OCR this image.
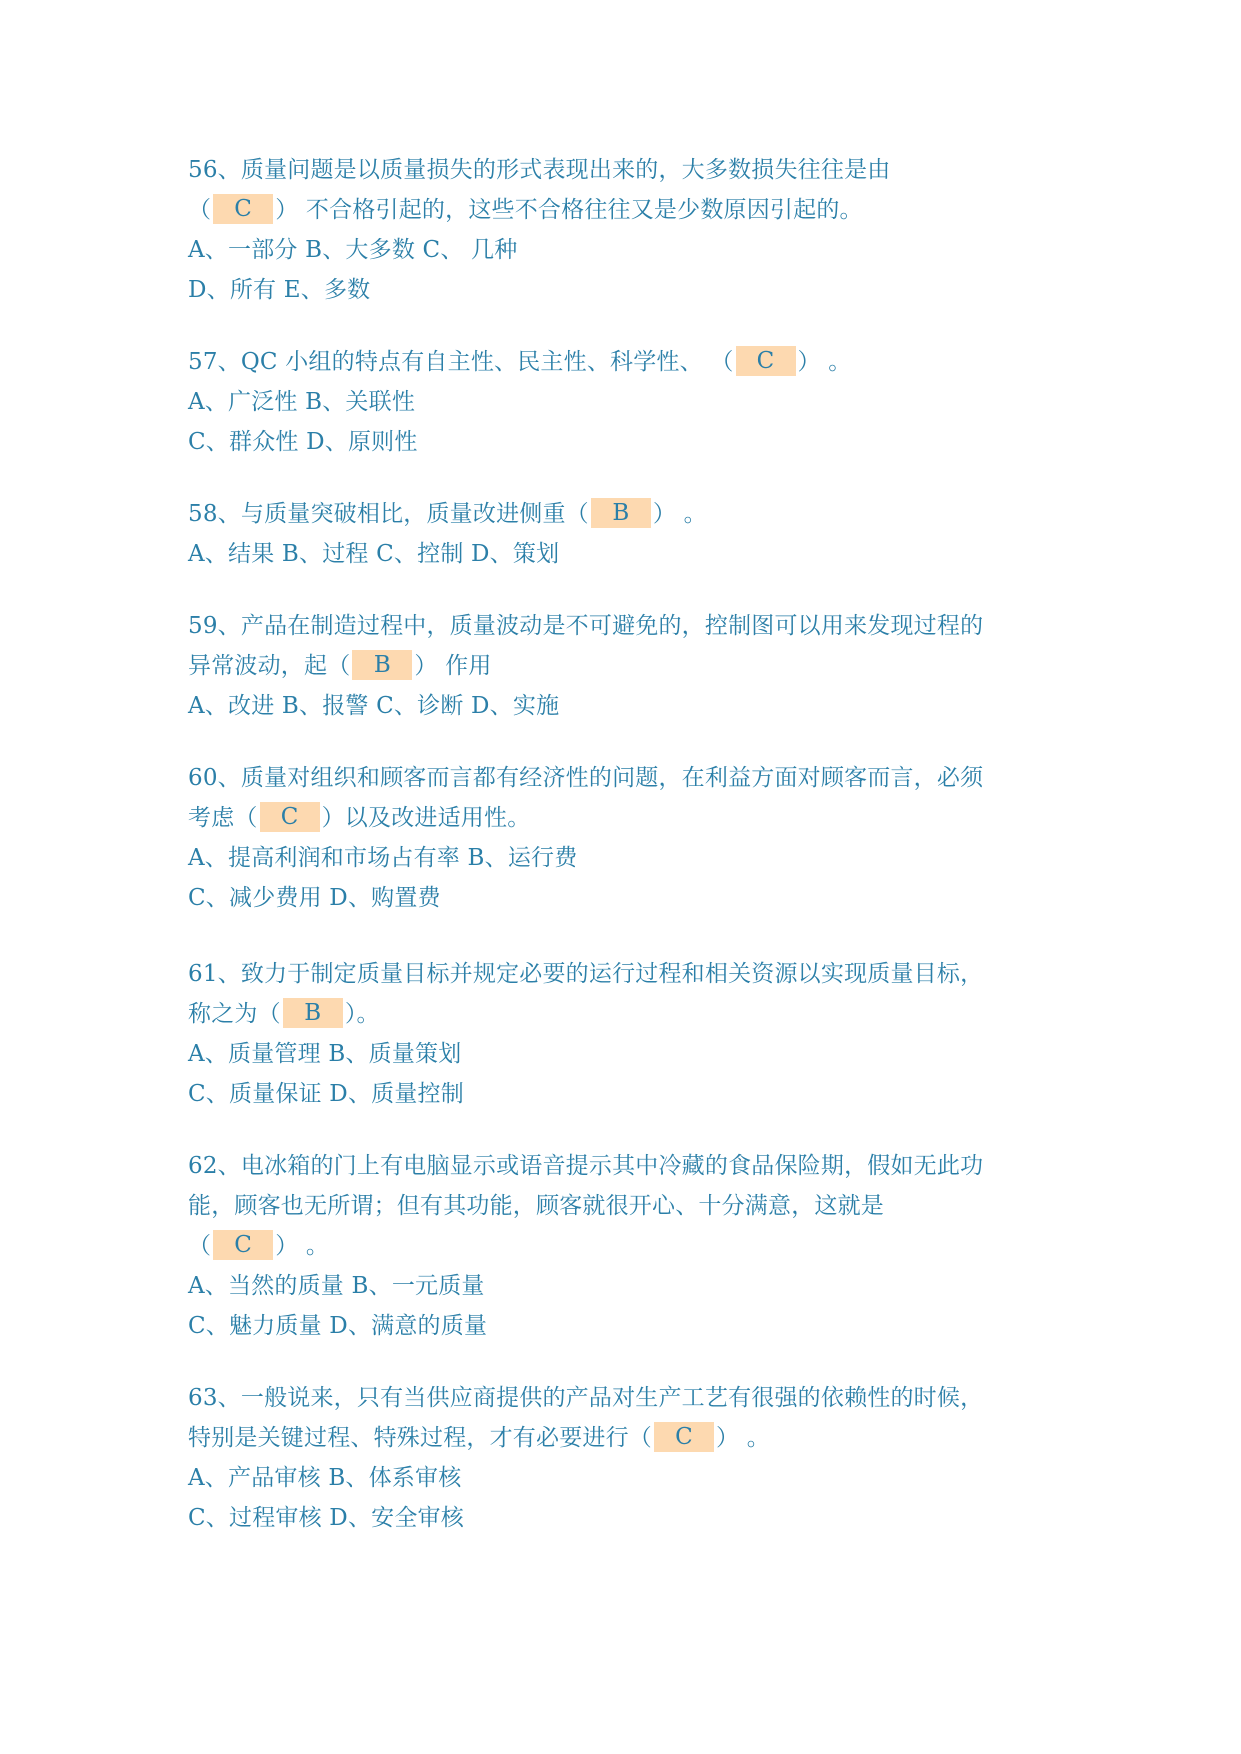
56、质量问题是以质量损失的形式表现出来的，大多数损失往往是由
（ C ） 不合格引起的，这些不合格往往又是少数原因引起的。
A、一部分 B、大多数 C、 几种
D、所有 E、多数
57、QC 小组的特点有自主性、民主性、科学性、 （ C ） 。
A、广泛性 B、关联性
C、群众性 D、原则性
58、与质量突破相比，质量改进侧重（ B ） 。
A、结果 B、过程 C、控制 D、策划
59、产品在制造过程中，质量波动是不可避免的，控制图可以用来发现过程的
异常波动，起（ B ） 作用
A、改进 B、报警 C、诊断 D、实施
60、质量对组织和顾客而言都有经济性的问题，在利益方面对顾客而言，必须
考虑（ C ）以及改进适用性。
A、提高利润和市场占有率 B、运行费
C、减少费用 D、购置费
61、致力于制定质量目标并规定必要的运行过程和相关资源以实现质量目标，
称之为（ B ）。
A、质量管理 B、质量策划
C、质量保证 D、质量控制
62、电冰箱的门上有电脑显示或语音提示其中冷藏的食品保险期，假如无此功
能，顾客也无所谓；但有其功能，顾客就很开心、十分满意，这就是
（ C ） 。
A、当然的质量 B、一元质量
C、魅力质量 D、满意的质量
63、一般说来，只有当供应商提供的产品对生产工艺有很强的依赖性的时候，
特别是关键过程、特殊过程，才有必要进行（ C ） 。
A、产品审核 B、体系审核
C、过程审核 D、安全审核
